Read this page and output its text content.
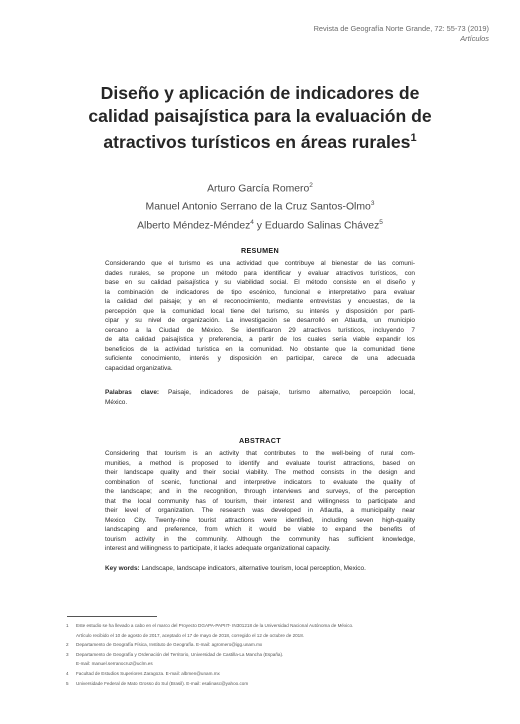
Revista de Geografía Norte Grande, 72: 55-73 (2019)
Artículos
Diseño y aplicación de indicadores de
calidad paisajística para la evaluación de
atractivos turísticos en áreas rurales$^1$
Arturo García Romero$^2$
Manuel Antonio Serrano de la Cruz Santos-Olmo$^3$
Alberto Méndez-Méndez$^4$ y Eduardo Salinas Chávez$^5$
RESUMEN
Considerando que el turismo es una actividad que contribuye al bienestar de las comuni-
dades rurales, se propone un método para identificar y evaluar atractivos turísticos, con
base en su calidad paisajística y su viabilidad social. El método consiste en el diseño y
la combinación de indicadores de tipo escénico, funcional e interpretativo para evaluar
la calidad del paisaje; y en el reconocimiento, mediante entrevistas y encuestas, de la
percepción que la comunidad local tiene del turismo, su interés y disposición por parti-
cipar y su nivel de organización. La investigación se desarrolló en Atlautla, un municipio
cercano a la Ciudad de México. Se identificaron 29 atractivos turísticos, incluyendo 7
de alta calidad paisajística y preferencia, a partir de los cuales sería viable expandir los
beneficios de la actividad turística en la comunidad. No obstante que la comunidad tiene
suficiente conocimiento, interés y disposición en participar, carece de una adecuada
capacidad organizativa.
Palabras clave: Paisaje, indicadores de paisaje, turismo alternativo, percepción local,
México.
ABSTRACT
Considering that tourism is an activity that contributes to the well-being of rural com-
munities, a method is proposed to identify and evaluate tourist attractions, based on
their landscape quality and their social viability. The method consists in the design and
combination of scenic, functional and interpretive indicators to evaluate the quality of
the landscape; and in the recognition, through interviews and surveys, of the perception
that the local community has of tourism, their interest and willingness to participate and
their level of organization. The research was developed in Atlautla, a municipality near
Mexico City. Twenty-nine tourist attractions were identified, including seven high-quality
landscaping and preference, from which it would be viable to expand the benefits of
tourism activity in the community. Although the community has sufficient knowledge,
interest and willingness to participate, it lacks adequate organizational capacity.
Key words: Landscape, landscape indicators, alternative tourism, local perception, Mexico.
1 Este estudio se ha llevado a cabo en el marco del Proyecto DGAPA-PAPIIT- IN301218 de la Universidad Nacional Autónoma de México.
Artículo recibido el 10 de agosto de 2017, aceptado el 17 de mayo de 2018, corregido el 12 de octubre de 2018.
2 Departamento de Geografía Física, Instituto de Geografía. E-mail: agromero@igg.unam.mx
3 Departamento de Geografía y Ordenación del Territorio, Universidad de Castilla-La Mancha (España).
E-mail: manuel.serranocruz@uclm.es
4 Facultad de Estudios Superiores Zaragoza. E-mail: albmen@unam.mx
5 Universidade Federal de Mato Grosso do Sul (Brasil). E-mail: esalinasc@yahoo.com
